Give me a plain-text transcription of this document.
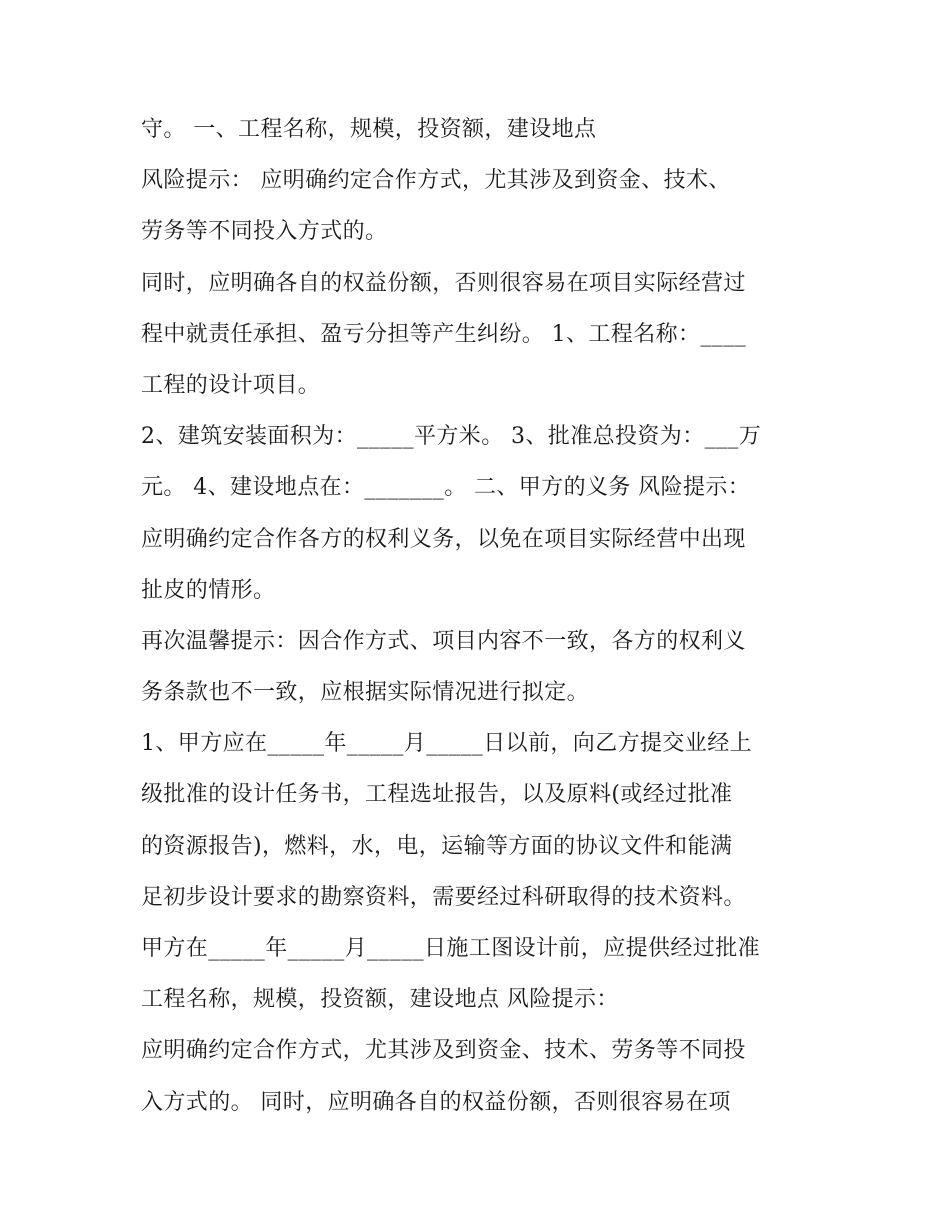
守。 一、工程名称，规模，投资额，建设地点
风险提示： 应明确约定合作方式，尤其涉及到资金、技术、
劳务等不同投入方式的。
同时，应明确各自的权益份额，否则很容易在项目实际经营过
程中就责任承担、盈亏分担等产生纠纷。 1、工程名称：____
工程的设计项目。
2、建筑安装面积为：_____平方米。 3、批准总投资为：___万
元。 4、建设地点在：_______。 二、甲方的义务 风险提示：
应明确约定合作各方的权利义务，以免在项目实际经营中出现
扯皮的情形。
再次温馨提示：因合作方式、项目内容不一致，各方的权利义
务条款也不一致，应根据实际情况进行拟定。
1、甲方应在_____年_____月_____日以前，向乙方提交业经上
级批准的设计任务书，工程选址报告，以及原料(或经过批准
的资源报告)，燃料，水，电，运输等方面的协议文件和能满
足初步设计要求的勘察资料，需要经过科研取得的技术资料。
甲方在_____年_____月_____日施工图设计前，应提供经过批准
工程名称，规模，投资额，建设地点 风险提示：
应明确约定合作方式，尤其涉及到资金、技术、劳务等不同投
入方式的。 同时，应明确各自的权益份额，否则很容易在项
